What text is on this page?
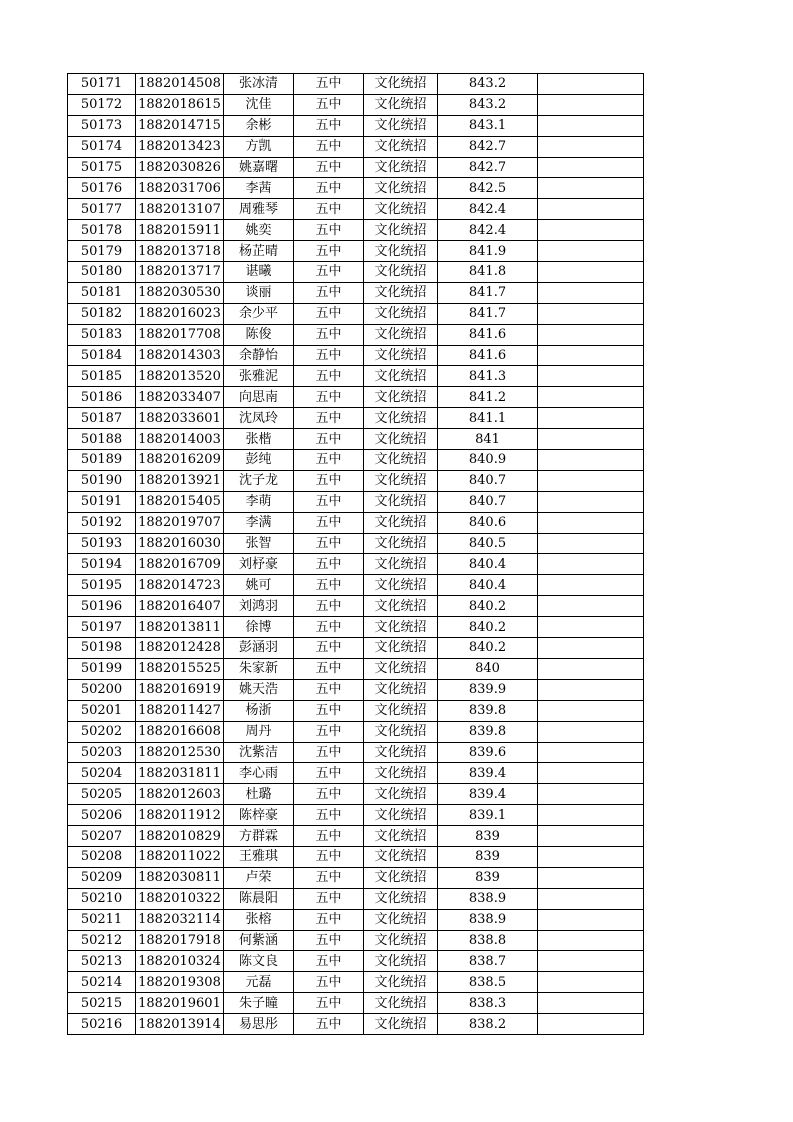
50171	1882014508	张冰清	五中	文化统招	843.2	
50172	1882018615	沈佳	五中	文化统招	843.2	
50173	1882014715	余彬	五中	文化统招	843.1	
50174	1882013423	方凯	五中	文化统招	842.7	
50175	1882030826	姚嘉曙	五中	文化统招	842.7	
50176	1882031706	李茜	五中	文化统招	842.5	
50177	1882013107	周雅琴	五中	文化统招	842.4	
50178	1882015911	姚奕	五中	文化统招	842.4	
50179	1882013718	杨芷晴	五中	文化统招	841.9	
50180	1882013717	谌曦	五中	文化统招	841.8	
50181	1882030530	谈丽	五中	文化统招	841.7	
50182	1882016023	余少平	五中	文化统招	841.7	
50183	1882017708	陈俊	五中	文化统招	841.6	
50184	1882014303	余静怡	五中	文化统招	841.6	
50185	1882013520	张雅泥	五中	文化统招	841.3	
50186	1882033407	向思南	五中	文化统招	841.2	
50187	1882033601	沈凤玲	五中	文化统招	841.1	
50188	1882014003	张楷	五中	文化统招	841	
50189	1882016209	彭纯	五中	文化统招	840.9	
50190	1882013921	沈子龙	五中	文化统招	840.7	
50191	1882015405	李萌	五中	文化统招	840.7	
50192	1882019707	李满	五中	文化统招	840.6	
50193	1882016030	张智	五中	文化统招	840.5	
50194	1882016709	刘杼豪	五中	文化统招	840.4	
50195	1882014723	姚可	五中	文化统招	840.4	
50196	1882016407	刘鸿羽	五中	文化统招	840.2	
50197	1882013811	徐博	五中	文化统招	840.2	
50198	1882012428	彭涵羽	五中	文化统招	840.2	
50199	1882015525	朱家新	五中	文化统招	840	
50200	1882016919	姚天浩	五中	文化统招	839.9	
50201	1882011427	杨浙	五中	文化统招	839.8	
50202	1882016608	周丹	五中	文化统招	839.8	
50203	1882012530	沈紫洁	五中	文化统招	839.6	
50204	1882031811	李心雨	五中	文化统招	839.4	
50205	1882012603	杜璐	五中	文化统招	839.4	
50206	1882011912	陈梓豪	五中	文化统招	839.1	
50207	1882010829	方群霖	五中	文化统招	839	
50208	1882011022	王雅琪	五中	文化统招	839	
50209	1882030811	卢荣	五中	文化统招	839	
50210	1882010322	陈晨阳	五中	文化统招	838.9	
50211	1882032114	张榕	五中	文化统招	838.9	
50212	1882017918	何紫涵	五中	文化统招	838.8	
50213	1882010324	陈文良	五中	文化统招	838.7	
50214	1882019308	元磊	五中	文化统招	838.5	
50215	1882019601	朱子瞳	五中	文化统招	838.3	
50216	1882013914	易思彤	五中	文化统招	838.2	
